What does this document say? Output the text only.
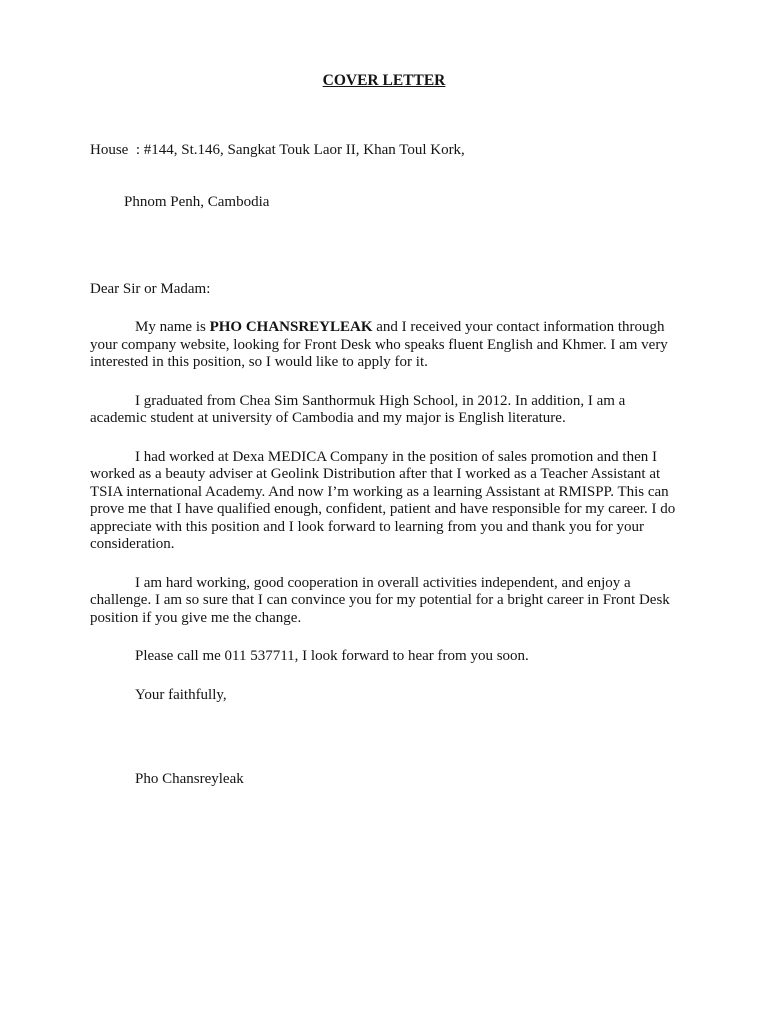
COVER LETTER

House  : #144, St.146, Sangkat Touk Laor II, Khan Toul Kork,

Phnom Penh, Cambodia

Dear Sir or Madam:

My name is PHO CHANSREYLEAK and I received your contact information through your company website, looking for Front Desk who speaks fluent English and Khmer. I am very interested in this position, so I would like to apply for it.

I graduated from Chea Sim Santhormuk High School, in 2012. In addition, I am a academic student at university of Cambodia and my major is English literature.

I had worked at Dexa MEDICA Company in the position of sales promotion and then I worked as a beauty adviser at Geolink Distribution after that I worked as a Teacher Assistant at TSIA international Academy. And now I’m working as a learning Assistant at RMISPP. This can prove me that I have qualified enough, confident, patient and have responsible for my career. I do appreciate with this position and I look forward to learning from you and thank you for your consideration.

I am hard working, good cooperation in overall activities independent, and enjoy a challenge. I am so sure that I can convince you for my potential for a bright career in Front Desk position if you give me the change.

Please call me 011 537711, I look forward to hear from you soon.

Your faithfully,

Pho Chansreyleak
